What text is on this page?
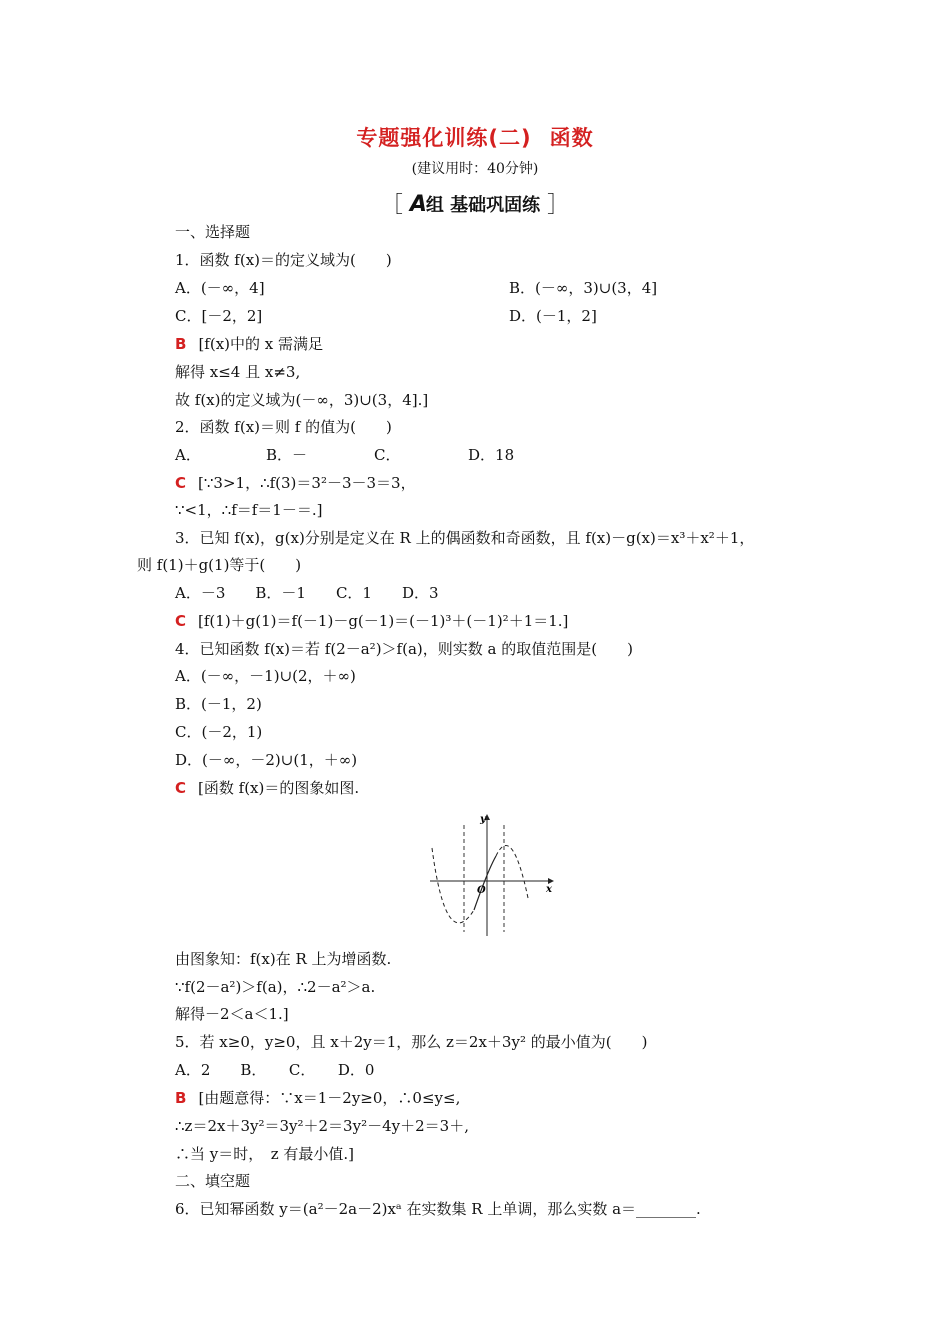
专题强化训练(二) 函数
(建议用时：40分钟)
［ A组 基础巩固练 ］
一、选择题
1．函数 f(x)＝的定义域为(　　)
A．(－∞，4]	B．(－∞，3)∪(3，4]
C．[－2，2]	D．(－1，2]
B [f(x)中的 x 需满足
解得 x≤4 且 x≠3,
故 f(x)的定义域为(－∞，3)∪(3，4].]
2．函数 f(x)＝则 f 的值为(　　)
A．	B．－	C．	D．18
C [∵3>1，∴f(3)＝3²－3－3＝3，
∵<1，∴f＝f＝1－＝.]
3．已知 f(x)，g(x)分别是定义在 R 上的偶函数和奇函数，且 f(x)－g(x)＝x³＋x²＋1，
则 f(1)＋g(1)等于(　　)
A．－3　　B．－1　　C．1　　D．3
C [f(1)＋g(1)＝f(－1)－g(－1)＝(－1)³＋(－1)²＋1＝1.]
4．已知函数 f(x)＝若 f(2－a²)＞f(a)，则实数 a 的取值范围是(　　)
A．(－∞，－1)∪(2，＋∞)
B．(－1，2)
C．(－2，1)
D．(－∞，－2)∪(1，＋∞)
C [函数 f(x)＝的图象如图.
y
x
O
由图象知：f(x)在 R 上为增函数.
∵f(2－a²)＞f(a)，∴2－a²＞a.
解得－2＜a＜1.]
5．若 x≥0，y≥0，且 x＋2y＝1，那么 z＝2x＋3y² 的最小值为(　　)
A．2　　B．　　C．　　D．0
B [由题意得：∵x＝1－2y≥0，∴0≤y≤,
∴z＝2x＋3y²＝3y²＋2＝3y²－4y＋2＝3＋,
∴当 y＝时，　z 有最小值.]
二、填空题
6．已知幂函数 y＝(a²－2a－2)xᵃ 在实数集 R 上单调，那么实数 a＝________.
